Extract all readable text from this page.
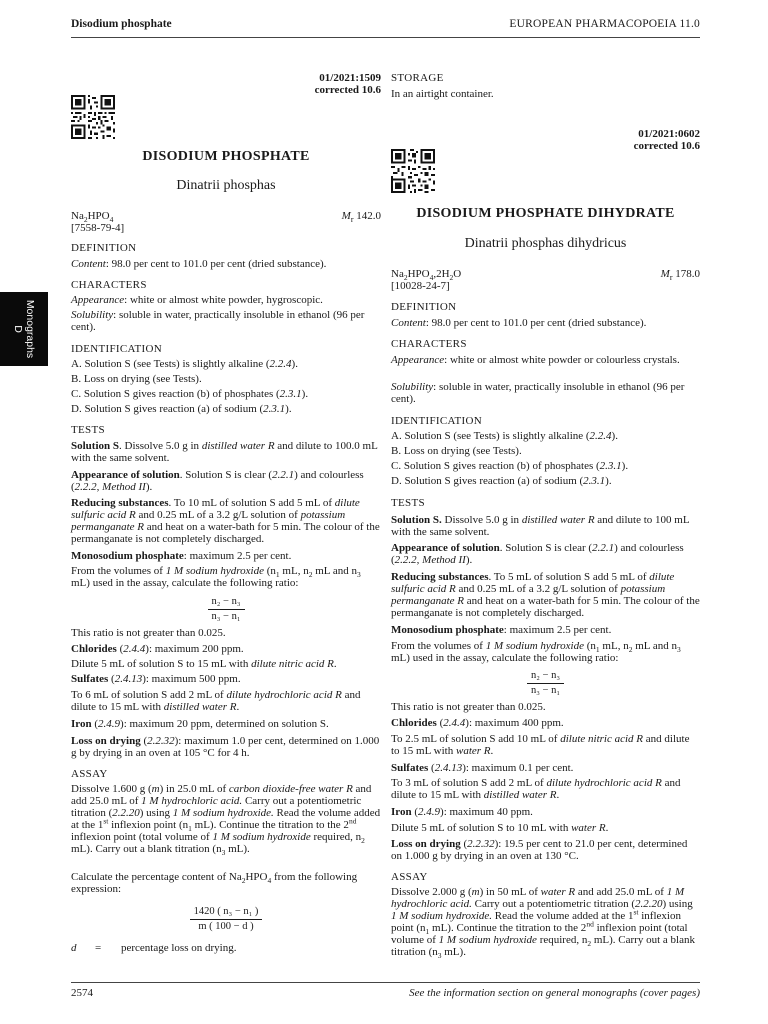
Disodium phosphate	EUROPEAN PHARMACOPOEIA 11.0
Monographs
D
01/2021:1509
corrected 10.6
DISODIUM PHOSPHATE
Dinatrii phosphas
$Na_2HPO_4$	$M_r$ 142.0
[7558-79-4]
DEFINITION
Content: 98.0 per cent to 101.0 per cent (dried substance).
CHARACTERS
Appearance: white or almost white powder, hygroscopic.
Solubility: soluble in water, practically insoluble in ethanol (96 per cent).
IDENTIFICATION
A. Solution S (see Tests) is slightly alkaline (2.2.4).
B. Loss on drying (see Tests).
C. Solution S gives reaction (b) of phosphates (2.3.1).
D. Solution S gives reaction (a) of sodium (2.3.1).
TESTS
Solution S. Dissolve 5.0 g in distilled water R and dilute to 100.0 mL with the same solvent.
Appearance of solution. Solution S is clear (2.2.1) and colourless (2.2.2, Method II).
Reducing substances. To 10 mL of solution S add 5 mL of dilute sulfuric acid R and 0.25 mL of a 3.2 g/L solution of potassium permanganate R and heat on a water-bath for 5 min. The colour of the permanganate is not completely discharged.
Monosodium phosphate: maximum 2.5 per cent.
From the volumes of 1 M sodium hydroxide ($n_1$ mL, $n_2$ mL and $n_3$ mL) used in the assay, calculate the following ratio:
$\frac{\text{n₂ − n₃}}{\text{n₃ − n₁}}$
This ratio is not greater than 0.025.
Chlorides (2.4.4): maximum 200 ppm.
Dilute 5 mL of solution S to 15 mL with dilute nitric acid R.
Sulfates (2.4.13): maximum 500 ppm.
To 6 mL of solution S add 2 mL of dilute hydrochloric acid R and dilute to 15 mL with distilled water R.
Iron (2.4.9): maximum 20 ppm, determined on solution S.
Loss on drying (2.2.32): maximum 1.0 per cent, determined on 1.000 g by drying in an oven at 105 °C for 4 h.
ASSAY
Dissolve 1.600 g (m) in 25.0 mL of carbon dioxide-free water R and add 25.0 mL of 1 M hydrochloric acid. Carry out a potentiometric titration (2.2.20) using 1 M sodium hydroxide. Read the volume added at the 1st inflexion point ($n_1$ mL). Continue the titration to the 2nd inflexion point (total volume of 1 M sodium hydroxide required, $n_2$ mL). Carry out a blank titration ($n_3$ mL).
Calculate the percentage content of $Na_2HPO_4$ from the following expression:
$\frac{\text{1420 ( n₃ − n₁ )}}{m ( 100 - d )}$
d	=	percentage loss on drying.
STORAGE
In an airtight container.
01/2021:0602
corrected 10.6
DISODIUM PHOSPHATE DIHYDRATE
Dinatrii phosphas dihydricus
$Na_2HPO_4,2H_2O$	$M_r$ 178.0
[10028-24-7]
DEFINITION
Content: 98.0 per cent to 101.0 per cent (dried substance).
CHARACTERS
Appearance: white or almost white powder or colourless crystals.
Solubility: soluble in water, practically insoluble in ethanol (96 per cent).
IDENTIFICATION
A. Solution S (see Tests) is slightly alkaline (2.2.4).
B. Loss on drying (see Tests).
C. Solution S gives reaction (b) of phosphates (2.3.1).
D. Solution S gives reaction (a) of sodium (2.3.1).
TESTS
Solution S. Dissolve 5.0 g in distilled water R and dilute to 100 mL with the same solvent.
Appearance of solution. Solution S is clear (2.2.1) and colourless (2.2.2, Method II).
Reducing substances. To 5 mL of solution S add 5 mL of dilute sulfuric acid R and 0.25 mL of a 3.2 g/L solution of potassium permanganate R and heat on a water-bath for 5 min. The colour of the permanganate is not completely discharged.
Monosodium phosphate: maximum 2.5 per cent.
From the volumes of 1 M sodium hydroxide ($n_1$ mL, $n_2$ mL and $n_3$ mL) used in the assay, calculate the following ratio:
$\frac{\text{n₂ − n₃}}{\text{n₃ − n₁}}$
This ratio is not greater than 0.025.
Chlorides (2.4.4): maximum 400 ppm.
To 2.5 mL of solution S add 10 mL of dilute nitric acid R and dilute to 15 mL with water R.
Sulfates (2.4.13): maximum 0.1 per cent.
To 3 mL of solution S add 2 mL of dilute hydrochloric acid R and dilute to 15 mL with distilled water R.
Iron (2.4.9): maximum 40 ppm.
Dilute 5 mL of solution S to 10 mL with water R.
Loss on drying (2.2.32): 19.5 per cent to 21.0 per cent, determined on 1.000 g by drying in an oven at 130 °C.
ASSAY
Dissolve 2.000 g (m) in 50 mL of water R and add 25.0 mL of 1 M hydrochloric acid. Carry out a potentiometric titration (2.2.20) using 1 M sodium hydroxide. Read the volume added at the 1st inflexion point ($n_1$ mL). Continue the titration to the 2nd inflexion point (total volume of 1 M sodium hydroxide required, $n_2$ mL). Carry out a blank titration ($n_3$ mL).
2574	See the information section on general monographs (cover pages)
